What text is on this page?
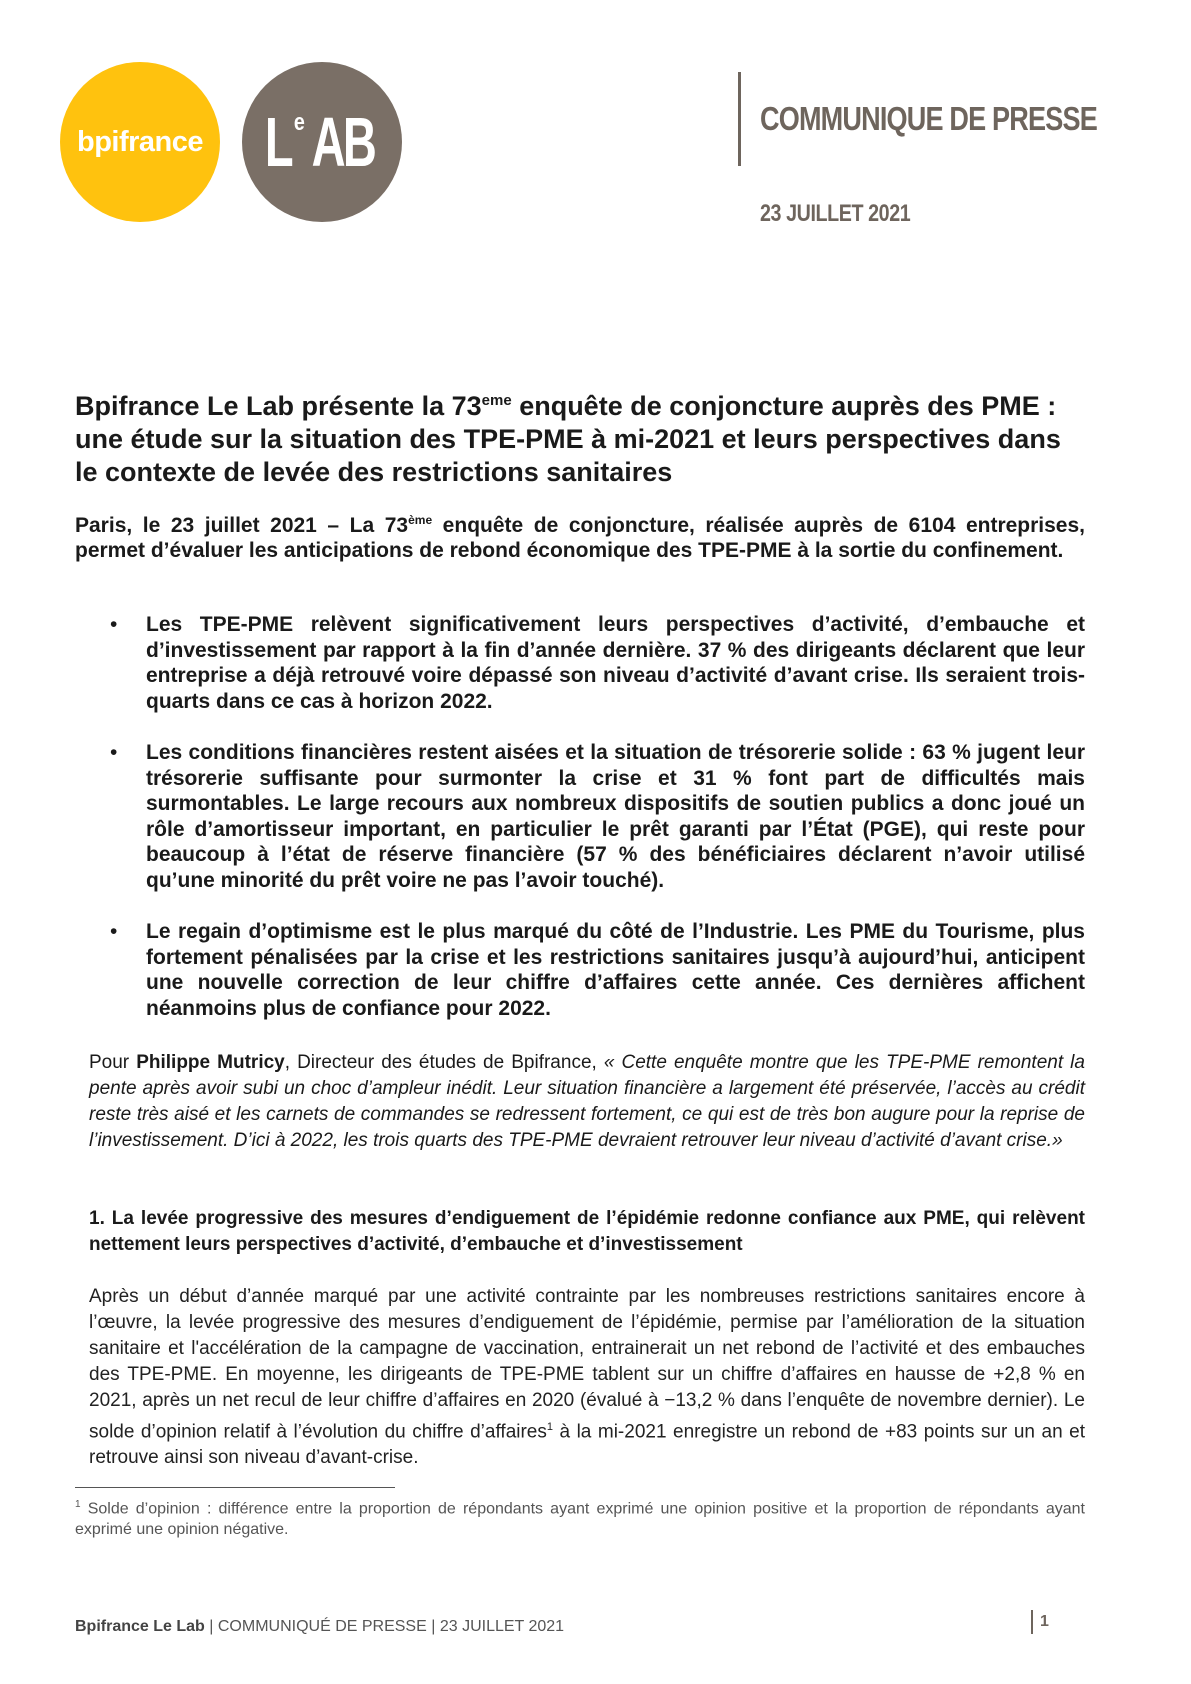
bpifrance L $^e$AB	COMMUNIQUE DE PRESSE
23 JUILLET 2021
Bpifrance Le Lab présente la 73eme enquête de conjoncture auprès des PME : une étude sur la situation des TPE-PME à mi-2021 et leurs perspectives dans le contexte de levée des restrictions sanitaires
Paris, le 23 juillet 2021 – La 73ème enquête de conjoncture, réalisée auprès de 6104 entreprises, permet d’évaluer les anticipations de rebond économique des TPE-PME à la sortie du confinement.
• Les TPE-PME relèvent significativement leurs perspectives d’activité, d’embauche et d’investissement par rapport à la fin d’année dernière. 37 % des dirigeants déclarent que leur entreprise a déjà retrouvé voire dépassé son niveau d’activité d’avant crise. Ils seraient trois-quarts dans ce cas à horizon 2022.
• Les conditions financières restent aisées et la situation de trésorerie solide : 63 % jugent leur trésorerie suffisante pour surmonter la crise et 31 % font part de difficultés mais surmontables. Le large recours aux nombreux dispositifs de soutien publics a donc joué un rôle d’amortisseur important, en particulier le prêt garanti par l’État (PGE), qui reste pour beaucoup à l’état de réserve financière (57 % des bénéficiaires déclarent n’avoir utilisé qu’une minorité du prêt voire ne pas l’avoir touché).
• Le regain d’optimisme est le plus marqué du côté de l’Industrie. Les PME du Tourisme, plus fortement pénalisées par la crise et les restrictions sanitaires jusqu’à aujourd’hui, anticipent une nouvelle correction de leur chiffre d’affaires cette année. Ces dernières affichent néanmoins plus de confiance pour 2022.
Pour Philippe Mutricy, Directeur des études de Bpifrance, « Cette enquête montre que les TPE-PME remontent la pente après avoir subi un choc d’ampleur inédit. Leur situation financière a largement été préservée, l’accès au crédit reste très aisé et les carnets de commandes se redressent fortement, ce qui est de très bon augure pour la reprise de l’investissement. D’ici à 2022, les trois quarts des TPE-PME devraient retrouver leur niveau d’activité d’avant crise.»
1. La levée progressive des mesures d’endiguement de l’épidémie redonne confiance aux PME, qui relèvent nettement leurs perspectives d’activité, d’embauche et d’investissement
Après un début d’année marqué par une activité contrainte par les nombreuses restrictions sanitaires encore à l’œuvre, la levée progressive des mesures d’endiguement de l’épidémie, permise par l’amélioration de la situation sanitaire et l'accélération de la campagne de vaccination, entrainerait un net rebond de l’activité et des embauches des TPE-PME. En moyenne, les dirigeants de TPE-PME tablent sur un chiffre d’affaires en hausse de +2,8 % en 2021, après un net recul de leur chiffre d’affaires en 2020 (évalué à −13,2 % dans l’enquête de novembre dernier). Le solde d’opinion relatif à l’évolution du chiffre d’affaires$^1$ à la mi-2021 enregistre un rebond de +83 points sur un an et retrouve ainsi son niveau d’avant-crise.
$^1$ Solde d’opinion : différence entre la proportion de répondants ayant exprimé une opinion positive et la proportion de répondants ayant exprimé une opinion négative.
Bpifrance Le Lab | COMMUNIQUÉ DE PRESSE | 23 JUILLET 2021	1
